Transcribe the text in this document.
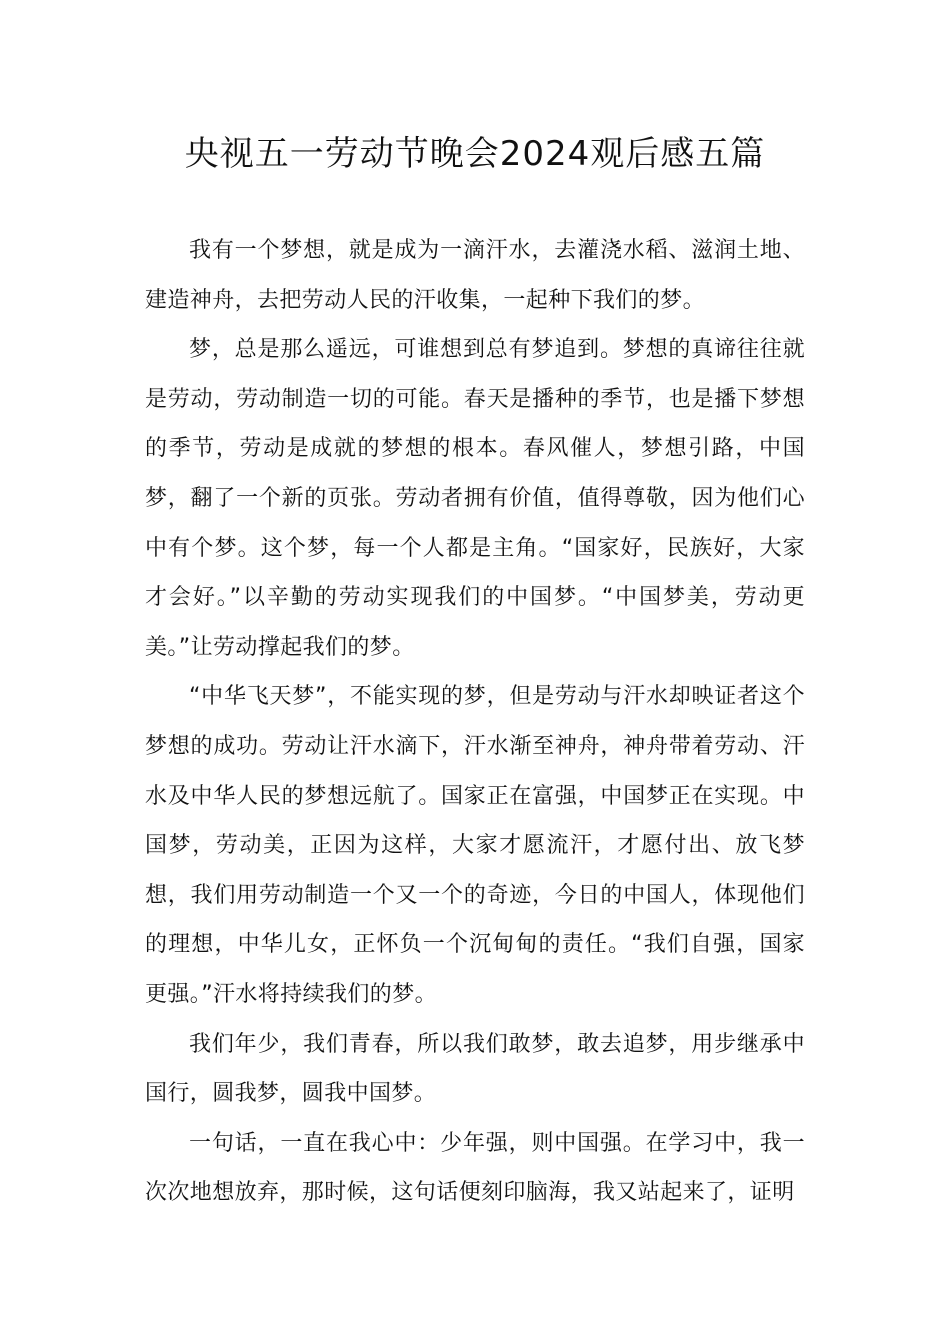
央视五一劳动节晚会2024观后感五篇

我有一个梦想，就是成为一滴汗水，去灌浇水稻、滋润土地、建造神舟，去把劳动人民的汗收集，一起种下我们的梦。

梦，总是那么遥远，可谁想到总有梦追到。梦想的真谛往往就是劳动，劳动制造一切的可能。春天是播种的季节，也是播下梦想的季节，劳动是成就的梦想的根本。春风催人，梦想引路，中国梦，翻了一个新的页张。劳动者拥有价值，值得尊敬，因为他们心中有个梦。这个梦，每一个人都是主角。“国家好，民族好，大家才会好。”以辛勤的劳动实现我们的中国梦。“中国梦美，劳动更美。”让劳动撑起我们的梦。

“中华飞天梦”，不能实现的梦，但是劳动与汗水却映证者这个梦想的成功。劳动让汗水滴下，汗水渐至神舟，神舟带着劳动、汗水及中华人民的梦想远航了。国家正在富强，中国梦正在实现。中国梦，劳动美，正因为这样，大家才愿流汗，才愿付出、放飞梦想，我们用劳动制造一个又一个的奇迹，今日的中国人，体现他们的理想，中华儿女，正怀负一个沉甸甸的责任。“我们自强，国家更强。”汗水将持续我们的梦。

我们年少，我们青春，所以我们敢梦，敢去追梦，用步继承中国行，圆我梦，圆我中国梦。

一句话，一直在我心中：少年强，则中国强。在学习中，我一次次地想放弃，那时候，这句话便刻印脑海，我又站起来了，证明
